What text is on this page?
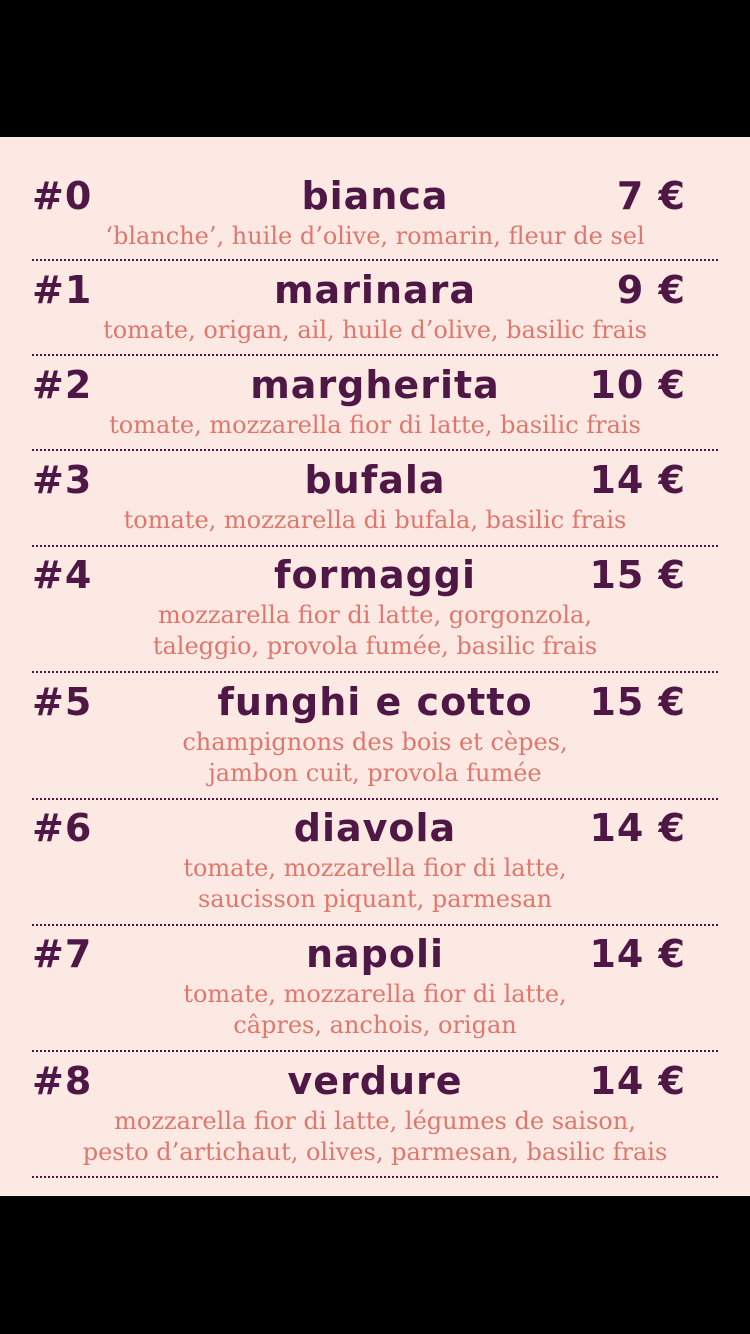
#0	bianca	7 €
‘blanche’, huile d’olive, romarin, fleur de sel
#1	marinara	9 €
tomate, origan, ail, huile d’olive, basilic frais
#2	margherita	10 €
tomate, mozzarella fior di latte, basilic frais
#3	bufala	14 €
tomate, mozzarella di bufala, basilic frais
#4	formaggi	15 €
mozzarella fior di latte, gorgonzola,
taleggio, provola fumée, basilic frais
#5	funghi e cotto	15 €
champignons des bois et cèpes,
jambon cuit, provola fumée
#6	diavola	14 €
tomate, mozzarella fior di latte,
saucisson piquant, parmesan
#7	napoli	14 €
tomate, mozzarella fior di latte,
câpres, anchois, origan
#8	verdure	14 €
mozzarella fior di latte, légumes de saison,
pesto d’artichaut, olives, parmesan, basilic frais
